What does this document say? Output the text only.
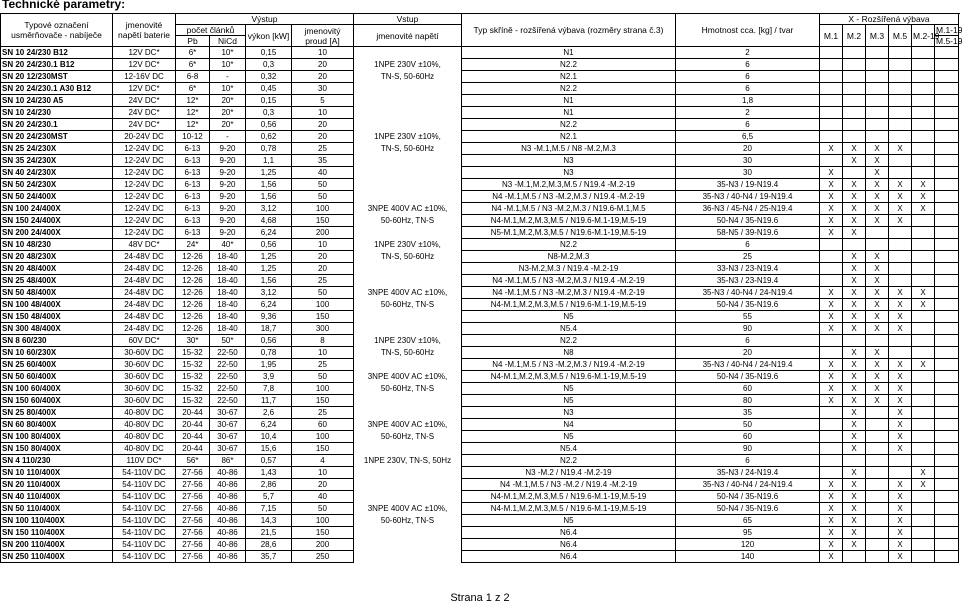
Technické parametry:
Typové označení usměrňovače - nabíječe	jmenovité napětí baterie	Výstup				Vstup	Typ skříně - rozšířená výbava (rozměry strana č.3)	Hmotnost cca. [kg] / tvar	X - Rozšířená výbava						
		počet článků		výkon [kW]	jmenovitý proud [A]	jmenovité napětí			M.1	M.2	M.3	M.5	M.2-19	M.1-19	
		Pb	NiCd											M.5-19	
SN 10 24/230 B12	12V DC*	6*	10*	0,15	10		N1	2							
SN 20 24/230.1 B12	12V DC*	6*	10*	0,3	20	1NPE 230V ±10%,	N2.2	6							
SN 20 12/230MST	12-16V DC	6-8	-	0,32	20	TN-S, 50-60Hz	N2.1	6							
SN 20 24/230.1 A30 B12	12V DC*	6*	10*	0,45	30		N2.2	6							
SN 10 24/230 A5	24V DC*	12*	20*	0,15	5		N1	1,8							
SN 10 24/230	24V DC*	12*	20*	0,3	10		N1	2							
SN 20 24/230.1	24V DC*	12*	20*	0,56	20		N2.2	6							
SN 20 24/230MST	20-24V DC	10-12	-	0,62	20	1NPE 230V ±10%,	N2.1	6,5							
SN 25 24/230X	12-24V DC	6-13	9-20	0,78	25	TN-S, 50-60Hz	N3 -M.1,M.5 / N8 -M.2,M.3	20	X	X	X	X			
SN 35 24/230X	12-24V DC	6-13	9-20	1,1	35		N3	30		X	X				
SN 40 24/230X	12-24V DC	6-13	9-20	1,25	40		N3	30	X		X				
SN 50 24/230X	12-24V DC	6-13	9-20	1,56	50		N3 -M.1,M.2,M.3,M.5 / N19.4 -M.2-19	35-N3 / 19-N19.4	X	X	X	X	X		
SN 50 24/400X	12-24V DC	6-13	9-20	1,56	50		N4 -M.1,M.5 / N3 -M.2,M.3 / N19.4 -M.2-19	35-N3 / 40-N4 / 19-N19.4	X	X	X	X	X		
SN 100 24/400X	12-24V DC	6-13	9-20	3,12	100	3NPE 400V AC ±10%,	N4 -M.1,M.5 / N3 -M.2,M.3 / N19.6-M.1,M.5	36-N3 / 45-N4 / 25-N19.4	X	X	X	X	X		
SN 150 24/400X	12-24V DC	6-13	9-20	4,68	150	50-60Hz, TN-S	N4-M.1,M.2,M.3,M.5 / N19.6-M.1-19,M.5-19	50-N4 / 35-N19.6	X	X	X	X			
SN 200 24/400X	12-24V DC	6-13	9-20	6,24	200		N5-M.1,M.2,M.3,M.5 / N19.6-M.1-19,M.5-19	58-N5 / 39-N19.6	X	X					
SN 10 48/230	48V DC*	24*	40*	0,56	10	1NPE 230V ±10%,	N2.2	6							
SN 20 48/230X	24-48V DC	12-26	18-40	1,25	20	TN-S, 50-60Hz	N8-M.2,M.3	25		X	X				
SN 20 48/400X	24-48V DC	12-26	18-40	1,25	20		N3-M.2,M.3 / N19.4 -M.2-19	33-N3 / 23-N19.4		X	X				
SN 25 48/400X	24-48V DC	12-26	18-40	1,56	25		N4 -M.1,M.5 / N3 -M.2,M.3 / N19.4 -M.2-19	35-N3 / 23-N19.4		X	X				
SN 50 48/400X	24-48V DC	12-26	18-40	3,12	50	3NPE 400V AC ±10%,	N4 -M.1,M.5 / N3 -M.2,M.3 / N19.4 -M.2-19	35-N3 / 40-N4 / 24-N19.4	X	X	X	X	X		
SN 100 48/400X	24-48V DC	12-26	18-40	6,24	100	50-60Hz, TN-S	N4-M.1,M.2,M.3,M.5 / N19.6-M.1-19,M.5-19	50-N4 / 35-N19.6	X	X	X	X	X		
SN 150 48/400X	24-48V DC	12-26	18-40	9,36	150		N5	55	X	X	X	X			
SN 300 48/400X	24-48V DC	12-26	18-40	18,7	300		N5.4	90	X	X	X	X			
SN 8 60/230	60V DC*	30*	50*	0,56	8	1NPE 230V ±10%,	N2.2	6							
SN 10 60/230X	30-60V DC	15-32	22-50	0,78	10	TN-S, 50-60Hz	N8	20		X	X				
SN 25 60/400X	30-60V DC	15-32	22-50	1,95	25		N4 -M.1,M.5 / N3 -M.2,M.3 / N19.4 -M.2-19	35-N3 / 40-N4 / 24-N19.4	X	X	X	X	X		
SN 50 60/400X	30-60V DC	15-32	22-50	3,9	50	3NPE 400V AC ±10%,	N4-M.1,M.2,M.3,M.5 / N19.6-M.1-19,M.5-19	50-N4 / 35-N19.6	X	X	X	X			
SN 100 60/400X	30-60V DC	15-32	22-50	7,8	100	50-60Hz, TN-S	N5	60	X	X	X	X			
SN 150 60/400X	30-60V DC	15-32	22-50	11,7	150		N5	80	X	X	X	X			
SN 25 80/400X	40-80V DC	20-44	30-67	2,6	25		N3	35		X		X			
SN 60 80/400X	40-80V DC	20-44	30-67	6,24	60	3NPE 400V AC ±10%,	N4	50		X		X			
SN 100 80/400X	40-80V DC	20-44	30-67	10,4	100	50-60Hz, TN-S	N5	60		X		X			
SN 150 80/400X	40-80V DC	20-44	30-67	15,6	150		N5.4	90		X		X			
SN 4 110/230	110V DC*	56*	86*	0,57	4	1NPE 230V, TN-S, 50Hz	N2.2	6							
SN 10 110/400X	54-110V DC	27-56	40-86	1,43	10		N3 -M.2 / N19.4 -M.2-19	35-N3 / 24-N19.4		X			X		
SN 20 110/400X	54-110V DC	27-56	40-86	2,86	20		N4 -M.1,M.5 / N3 -M.2 / N19.4 -M.2-19	35-N3 / 40-N4 / 24-N19.4	X	X		X	X		
SN 40 110/400X	54-110V DC	27-56	40-86	5,7	40		N4-M.1,M.2,M.3,M.5 / N19.6-M.1-19,M.5-19	50-N4 / 35-N19.6	X	X		X			
SN 50 110/400X	54-110V DC	27-56	40-86	7,15	50	3NPE 400V AC ±10%,	N4-M.1,M.2,M.3,M.5 / N19.6-M.1-19,M.5-19	50-N4 / 35-N19.6	X	X		X			
SN 100 110/400X	54-110V DC	27-56	40-86	14,3	100	50-60Hz, TN-S	N5	65	X	X		X			
SN 150 110/400X	54-110V DC	27-56	40-86	21,5	150		N6.4	95	X	X		X			
SN 200 110/400X	54-110V DC	27-56	40-86	28,6	200		N6.4	120	X	X		X			
SN 250 110/400X	54-110V DC	27-56	40-86	35,7	250		N6.4	140	X			X			
Strana 1 z 2
